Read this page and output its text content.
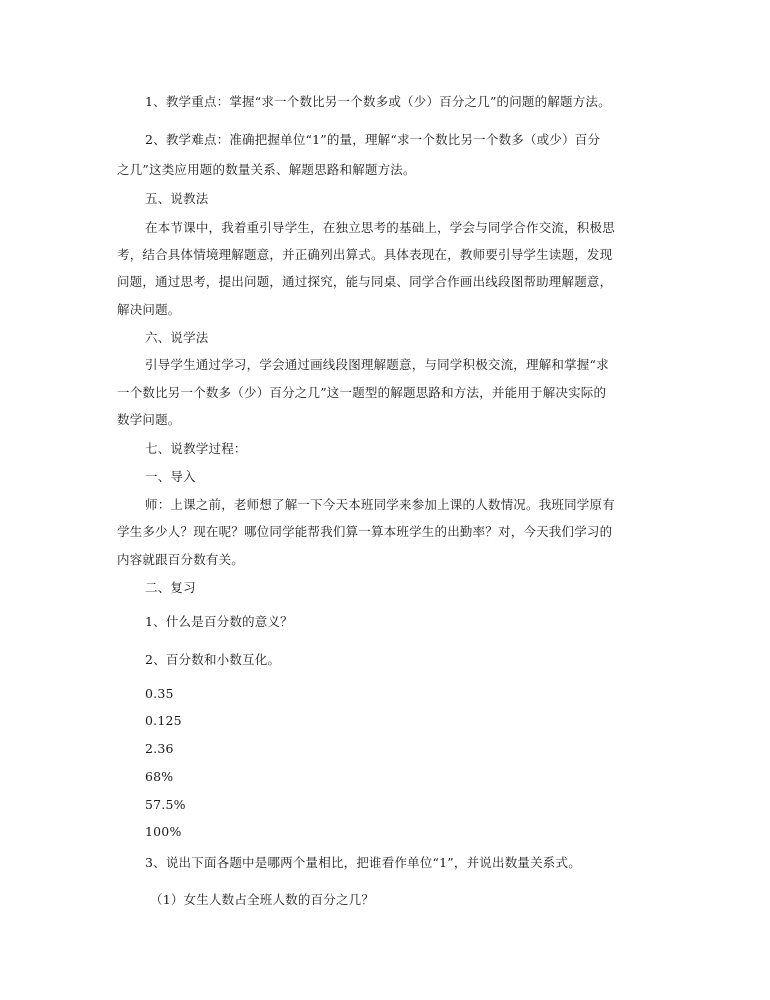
1、教学重点：掌握“求一个数比另一个数多或（少）百分之几”的问题的解题方法。
2、教学难点：准确把握单位“1”的量，理解“求一个数比另一个数多（或少）百分
之几”这类应用题的数量关系、解题思路和解题方法。
五、说教法
在本节课中，我着重引导学生，在独立思考的基础上，学会与同学合作交流，积极思
考，结合具体情境理解题意，并正确列出算式。具体表现在，教师要引导学生读题，发现
问题，通过思考，提出问题，通过探究，能与同桌、同学合作画出线段图帮助理解题意，
解决问题。
六、说学法
引导学生通过学习，学会通过画线段图理解题意，与同学积极交流，理解和掌握“求
一个数比另一个数多（少）百分之几”这一题型的解题思路和方法，并能用于解决实际的
数学问题。
七、说教学过程：
一、导入
师：上课之前，老师想了解一下今天本班同学来参加上课的人数情况。我班同学原有
学生多少人？现在呢？哪位同学能帮我们算一算本班学生的出勤率？对，今天我们学习的
内容就跟百分数有关。
二、复习
1、什么是百分数的意义？
2、百分数和小数互化。
0.35
0.125
2.36
68%
57.5%
100%
3、说出下面各题中是哪两个量相比，把谁看作单位“1”，并说出数量关系式。
（1）女生人数占全班人数的百分之几？
